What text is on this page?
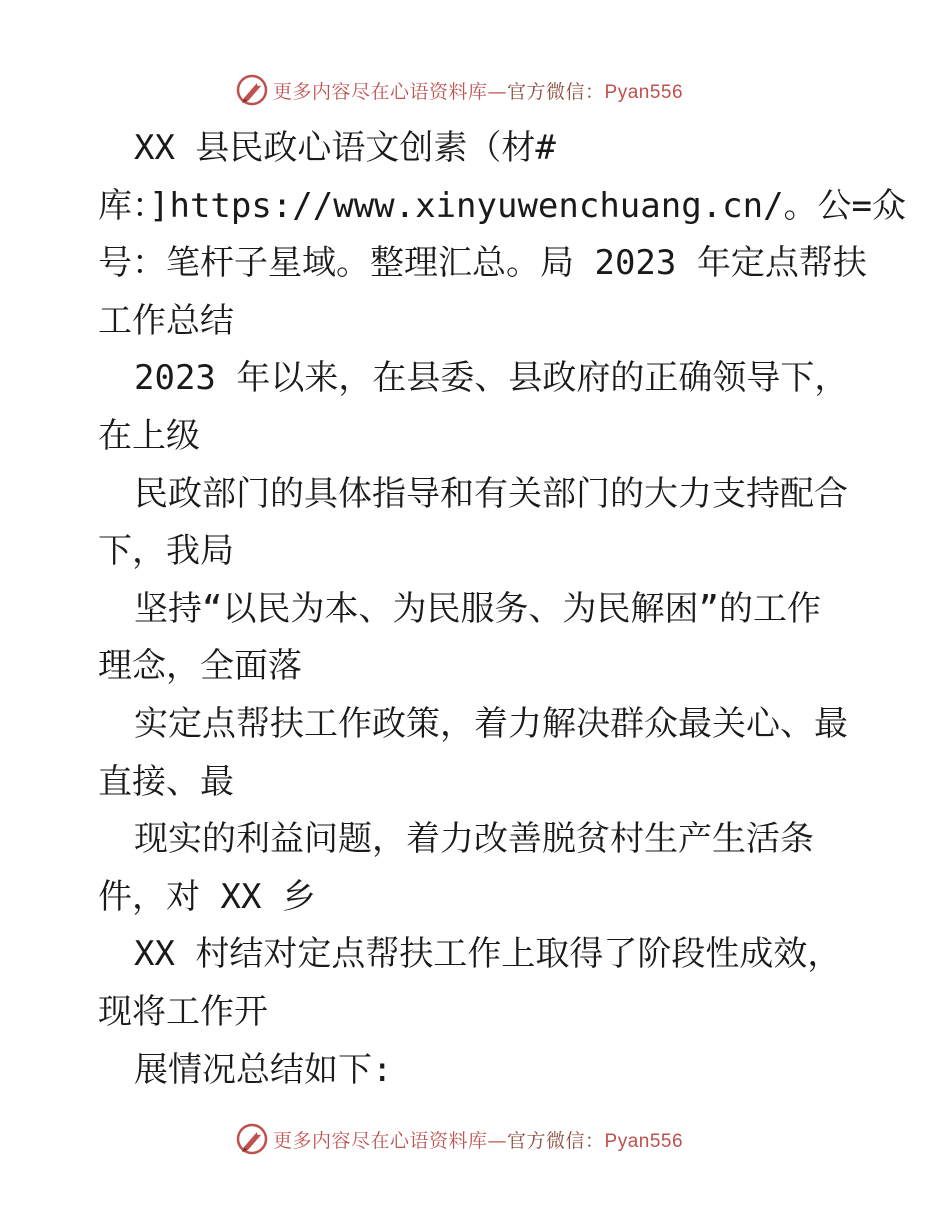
更多内容尽在心语资料库—官方微信：Pyan556

XX 县民政心语文创素（材#

库：]https://www.xinyuwenchuang.cn/。公=众

号：笔杆子星域。整理汇总。局 2023 年定点帮扶

工作总结

2023 年以来，在县委、县政府的正确领导下，

在上级

民政部门的具体指导和有关部门的大力支持配合

下，我局

坚持“以民为本、为民服务、为民解困”的工作

理念，全面落

实定点帮扶工作政策，着力解决群众最关心、最

直接、最

现实的利益问题，着力改善脱贫村生产生活条

件，对 XX 乡

XX 村结对定点帮扶工作上取得了阶段性成效，

现将工作开

展情况总结如下:

更多内容尽在心语资料库—官方微信：Pyan556
